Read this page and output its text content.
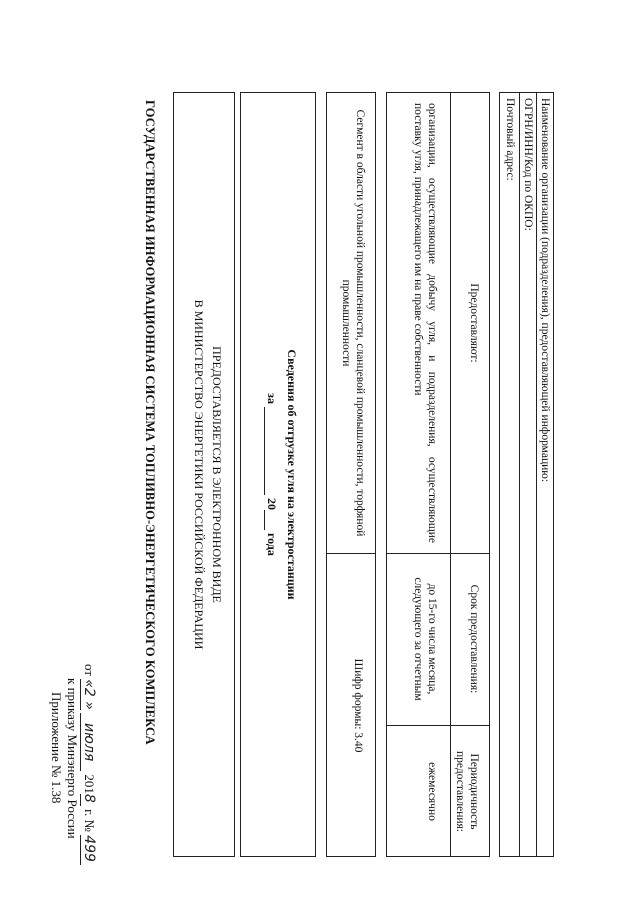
Приложение № 1.38 к приказу Минэнерго России
от «2 » июля 2018 г. № 499
ГОСУДАРСТВЕННАЯ ИНФОРМАЦИОННАЯ СИСТЕМА ТОПЛИВНО-ЭНЕРГЕТИЧЕСКОГО КОМПЛЕКСА	ПРЕДОСТАВЛЯЕТСЯ В ЭЛЕКТРОННОМ ВИДЕ
В МИНИСТЕРСТВО ЭНЕРГЕТИКИ РОССИЙСКОЙ ФЕДЕРАЦИИ	Сведения об отгрузке угля на электростанции
за   20  года
Сегмент в области угольной промышленности, сланцевой промышленности, торфяной промышленности
Шифр формы: 3.40
Предоставляют:
Срок предоставления:
Периодичность предоставления:
организации, осуществляющие добычу угля, и подразделения, осуществляющие поставку угля, принадлежащего им на праве собственности
до 15-го числа месяца, следующего за отчетным
ежемесячно
Наименование организации (подразделения), предоставляющей информацию:
ОГРН/ИНН/Код по ОКПО:
Почтовый адрес:
